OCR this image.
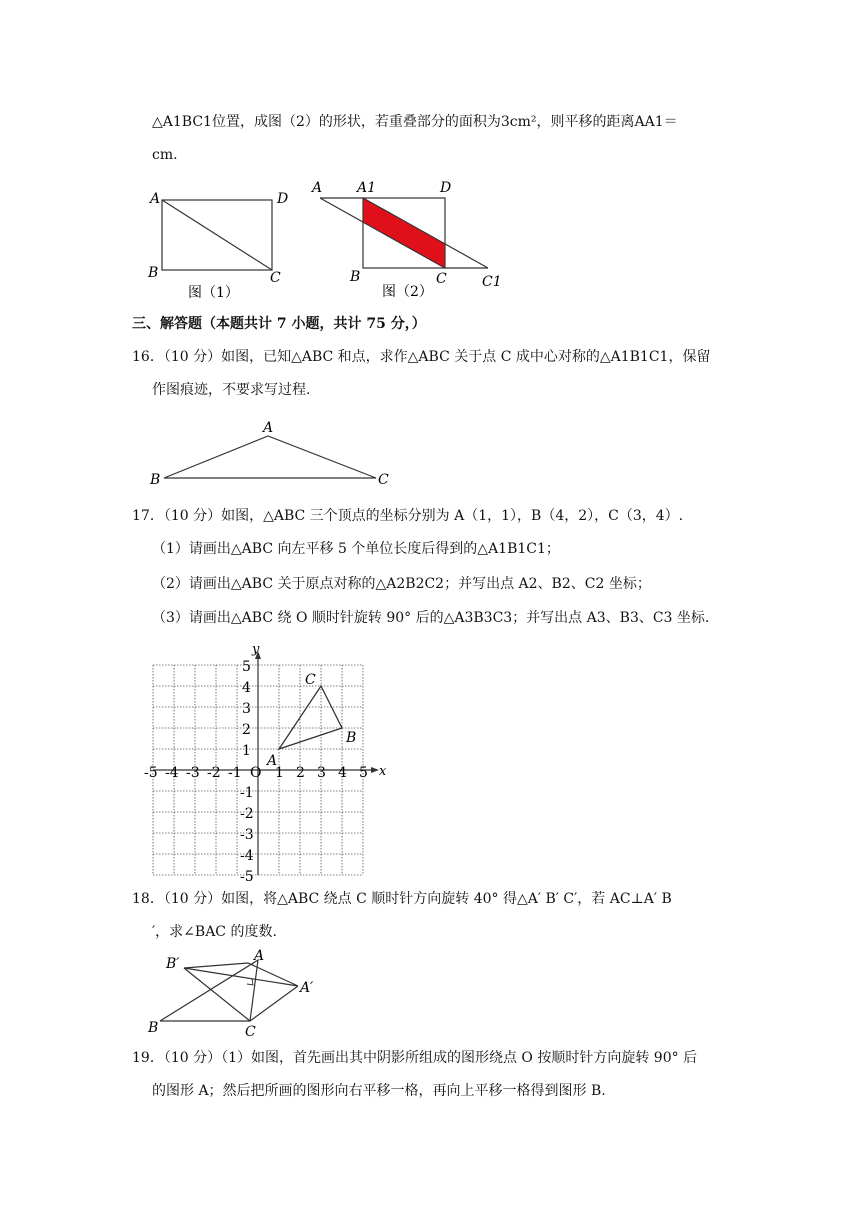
△A1BC1位置，成图（2）的形状，若重叠部分的面积为3cm²，则平移的距离AA1＝
cm.
A	D
B	C
图（1）
A A1	D
B	C	C1
图（2）
三、解答题（本题共计 7 小题，共计 75 分，）
16．（10 分）如图，已知△ABC 和点，求作△ABC 关于点 C 成中心对称的△A1B1C1，保留
作图痕迹，不要求写过程.
A
B	C
17．（10 分）如图，△ABC 三个顶点的坐标分别为 A（1，1），B（4，2），C（3，4）.
（1）请画出△ABC 向左平移 5 个单位长度后得到的△A1B1C1；
（2）请画出△ABC 关于原点对称的△A2B2C2；并写出点 A2、B2、C2 坐标；
（3）请画出△ABC 绕 O 顺时针旋转 90° 后的△A3B3C3；并写出点 A3、B3、C3 坐标.
x
y
-5 -4 -3 -2 -1 O 1 2 3 4 5
1
2
3
4
5
-1
-2
-3
-4
-5
A
B
C
18．（10 分）如图，将△ABC 绕点 C 顺时针方向旋转 40° 得△A′ B′ C′，若 AC⊥A′ B
′，求∠BAC 的度数.
B′	A
A′
B	C
19．（10 分）（1）如图，首先画出其中阴影所组成的图形绕点 O 按顺时针方向旋转 90° 后
的图形 A；然后把所画的图形向右平移一格，再向上平移一格得到图形 B.
